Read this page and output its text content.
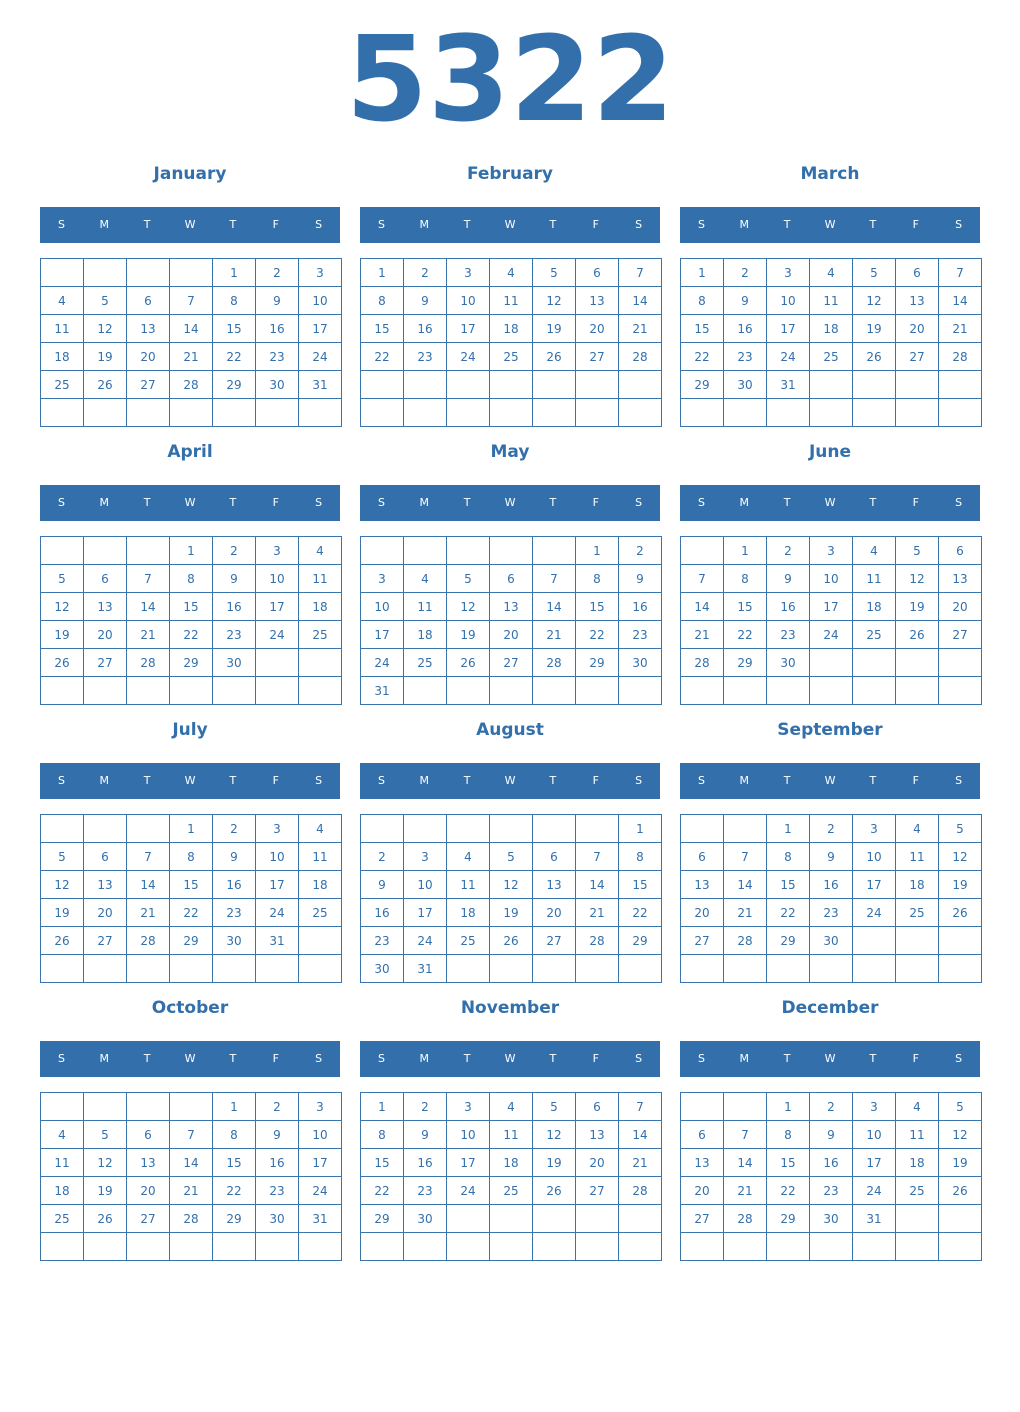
5322
January
S	M	T	W	T	F	S
				1	2	3
4	5	6	7	8	9	10
11	12	13	14	15	16	17
18	19	20	21	22	23	24
25	26	27	28	29	30	31

February
S	M	T	W	T	F	S
1	2	3	4	5	6	7
8	9	10	11	12	13	14
15	16	17	18	19	20	21
22	23	24	25	26	27	28

March
S	M	T	W	T	F	S
1	2	3	4	5	6	7
8	9	10	11	12	13	14
15	16	17	18	19	20	21
22	23	24	25	26	27	28
29	30	31				

April
S	M	T	W	T	F	S
			1	2	3	4
5	6	7	8	9	10	11
12	13	14	15	16	17	18
19	20	21	22	23	24	25
26	27	28	29	30		

May
S	M	T	W	T	F	S
					1	2
3	4	5	6	7	8	9
10	11	12	13	14	15	16
17	18	19	20	21	22	23
24	25	26	27	28	29	30
31						
June
S	M	T	W	T	F	S
	1	2	3	4	5	6
7	8	9	10	11	12	13
14	15	16	17	18	19	20
21	22	23	24	25	26	27
28	29	30				

July
S	M	T	W	T	F	S
			1	2	3	4
5	6	7	8	9	10	11
12	13	14	15	16	17	18
19	20	21	22	23	24	25
26	27	28	29	30	31	

August
S	M	T	W	T	F	S
						1
2	3	4	5	6	7	8
9	10	11	12	13	14	15
16	17	18	19	20	21	22
23	24	25	26	27	28	29
30	31					
September
S	M	T	W	T	F	S
		1	2	3	4	5
6	7	8	9	10	11	12
13	14	15	16	17	18	19
20	21	22	23	24	25	26
27	28	29	30			

October
S	M	T	W	T	F	S
				1	2	3
4	5	6	7	8	9	10
11	12	13	14	15	16	17
18	19	20	21	22	23	24
25	26	27	28	29	30	31

November
S	M	T	W	T	F	S
1	2	3	4	5	6	7
8	9	10	11	12	13	14
15	16	17	18	19	20	21
22	23	24	25	26	27	28
29	30					

December
S	M	T	W	T	F	S
		1	2	3	4	5
6	7	8	9	10	11	12
13	14	15	16	17	18	19
20	21	22	23	24	25	26
27	28	29	30	31		
